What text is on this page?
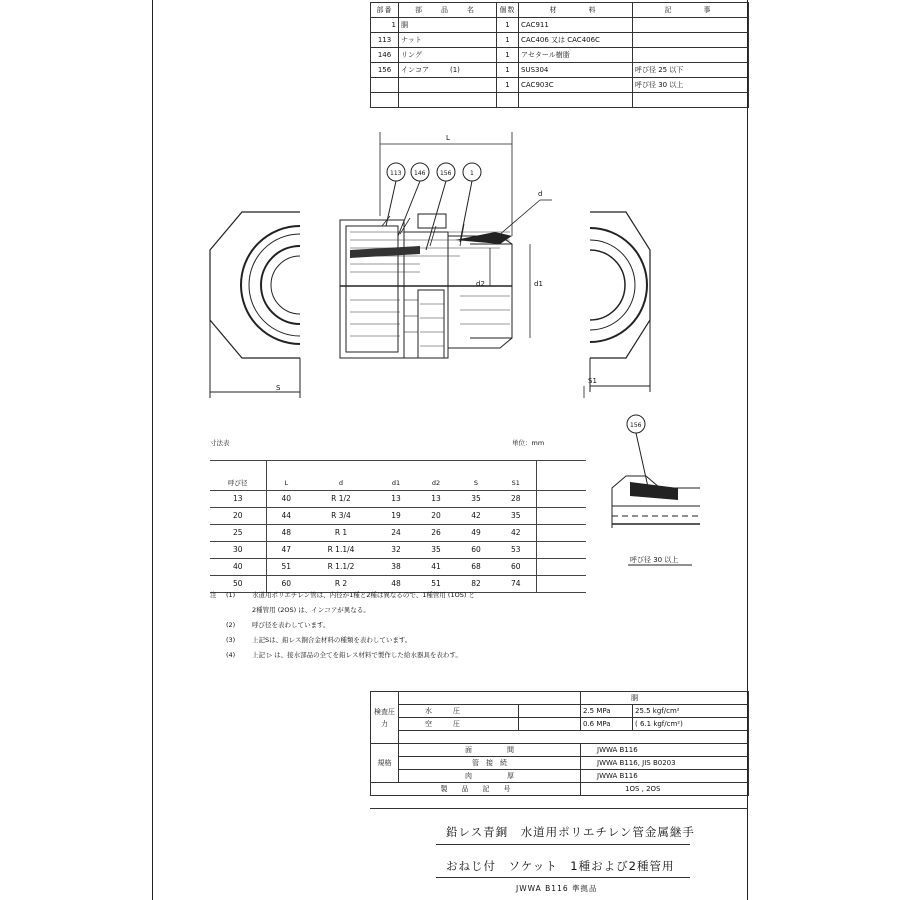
部番	部　品　名	個数	材　　料	記　　事
1	胴	1	CAC911	
113	ナット	1	CAC406 又は CAC406C	
146	リング	1	アセタール樹脂	
156	インコア　　　(1)	1	SUS304	呼び径 25 以下
		1	CAC903C	呼び径 30 以上

L
d
d2	d1
S
S1
113 146 156	1
156
呼び径 30 以上
寸法表	単位：mm
呼び径	L	d	d1	d2	S	S1	
13	40	R 1/2	13	13	35	28	
20	44	R 3/4	19	20	42	35	
25	48	R 1	24	26	49	42	
30	47	R 1.1/4	32	35	60	53	
40	51	R 1.1/2	38	41	68	60	
50	60	R 2	48	51	82	74	
注	(1)	水道用ポリエチレン管は、内径が1種と2種は異なるので、1種管用 (1OS) と
2種管用 (2OS) は、インコアが異なる。
(2)	呼び径を表わしています。
(3)	上記Sは、鉛レス銅合金材料の種類を表わしています。
(4)	上記 ▷ は、接水部品の全てを鉛レス材料で製作した給水器具を表わす。
検査圧力			胴	
	水　　　圧		2.5 MPa	25.5 kgf/cm²
	空　　　圧		0.6 MPa	( 6.1 kgf/cm²)

規格	面　　　　　間		JWWA B116	
	管　接　続		JWWA B116, JIS B0203	
	肉　　　　　厚		JWWA B116	
製　　品　　記　　号			1OS , 2OS	
鉛レス青銅　水道用ポリエチレン管金属継手
おねじ付　ソケット　1種および2種管用
JWWA B116 準拠品
